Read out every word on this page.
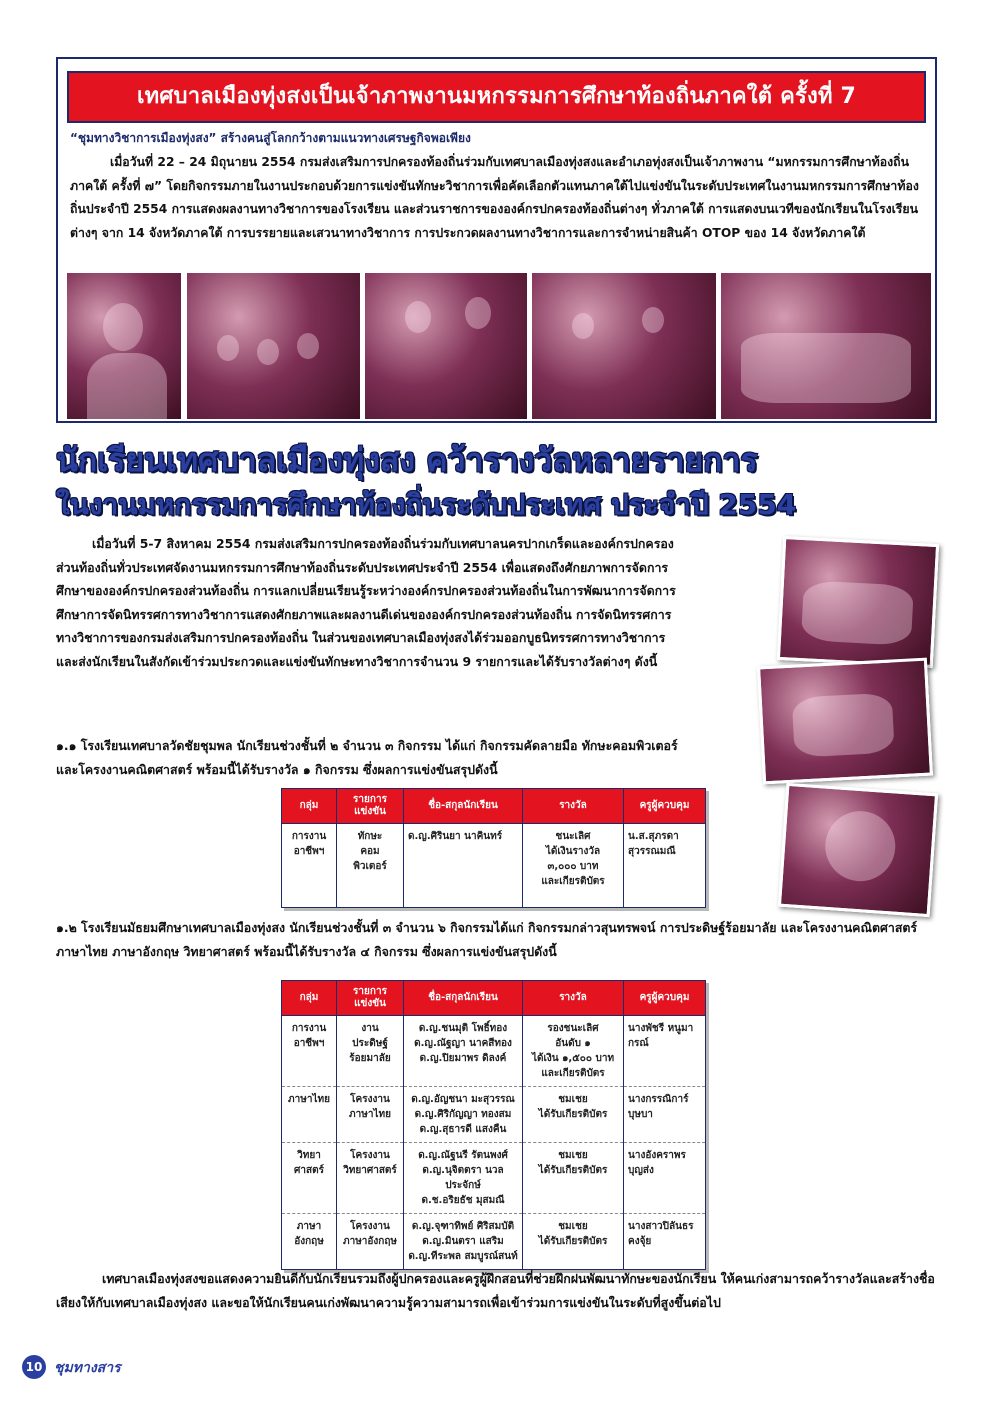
เทศบาลเมืองทุ่งสงเป็นเจ้าภาพงานมหกรรมการศึกษาท้องถิ่นภาคใต้ ครั้งที่ 7
“ชุมทางวิชาการเมืองทุ่งสง” สร้างคนสู่โลกกว้างตามแนวทางเศรษฐกิจพอเพียง
เมื่อวันที่ 22 – 24 มิถุนายน 2554 กรมส่งเสริมการปกครองท้องถิ่นร่วมกับเทศบาลเมืองทุ่งสงและอำเภอทุ่งสงเป็นเจ้าภาพงาน “มหกรรมการศึกษาท้องถิ่นภาคใต้ ครั้งที่ ๗” โดยกิจกรรมภายในงานประกอบด้วยการแข่งขันทักษะวิชาการเพื่อคัดเลือกตัวแทนภาคใต้ไปแข่งขันในระดับประเทศในงานมหกรรมการศึกษาท้องถิ่นประจำปี 2554 การแสดงผลงานทางวิชาการของโรงเรียน และส่วนราชการขององค์กรปกครองท้องถิ่นต่างๆ ทั่วภาคใต้ การแสดงบนเวทีของนักเรียนในโรงเรียนต่างๆ จาก 14 จังหวัดภาคใต้ การบรรยายและเสวนาทางวิชาการ การประกวดผลงานทางวิชาการและการจำหน่ายสินค้า OTOP ของ 14 จังหวัดภาคใต้
นักเรียนเทศบาลเมืองทุ่งสง คว้ารางวัลหลายรายการ
ในงานมหกรรมการศึกษาท้องถิ่นระดับประเทศ ประจำปี 2554
เมื่อวันที่ 5-7 สิงหาคม 2554 กรมส่งเสริมการปกครองท้องถิ่นร่วมกับเทศบาลนครปากเกร็ดและองค์กรปกครองส่วนท้องถิ่นทั่วประเทศจัดงานมหกรรมการศึกษาท้องถิ่นระดับประเทศประจำปี 2554 เพื่อแสดงถึงศักยภาพการจัดการศึกษาขององค์กรปกครองส่วนท้องถิ่น การแลกเปลี่ยนเรียนรู้ระหว่างองค์กรปกครองส่วนท้องถิ่นในการพัฒนาการจัดการศึกษาการจัดนิทรรศการทางวิชาการแสดงศักยภาพและผลงานดีเด่นขององค์กรปกครองส่วนท้องถิ่น การจัดนิทรรศการทางวิชาการของกรมส่งเสริมการปกครองท้องถิ่น ในส่วนของเทศบาลเมืองทุ่งสงได้ร่วมออกบูธนิทรรศการทางวิชาการและส่งนักเรียนในสังกัดเข้าร่วมประกวดและแข่งขันทักษะทางวิชาการจำนวน 9 รายการและได้รับรางวัลต่างๆ ดังนี้
๑.๑ โรงเรียนเทศบาลวัดชัยชุมพล นักเรียนช่วงชั้นที่ ๒ จำนวน ๓ กิจกรรม ได้แก่ กิจกรรมคัดลายมือ ทักษะคอมพิวเตอร์ และโครงงานคณิตศาสตร์ พร้อมนี้ได้รับรางวัล ๑ กิจกรรม ซึ่งผลการแข่งขันสรุปดังนี้
กลุ่ม	รายการแข่งขัน	ชื่อ-สกุลนักเรียน	รางวัล	ครูผู้ควบคุม
การงาน
อาชีพฯ	ทักษะ
คอม
พิวเตอร์	ด.ญ.ศิรินยา นาคินทร์	ชนะเลิศ
ได้เงินรางวัล
๓,๐๐๐ บาท
และเกียรติบัตร	น.ส.สุภรดา สุวรรณมณี
๑.๒ โรงเรียนมัธยมศึกษาเทศบาลเมืองทุ่งสง นักเรียนช่วงชั้นที่ ๓ จำนวน ๖ กิจกรรมได้แก่ กิจกรรมกล่าวสุนทรพจน์ การประดิษฐ์ร้อยมาลัย และโครงงานคณิตศาสตร์ ภาษาไทย ภาษาอังกฤษ วิทยาศาสตร์ พร้อมนี้ได้รับรางวัล ๔ กิจกรรม ซึ่งผลการแข่งขันสรุปดังนี้
กลุ่ม	รายการแข่งขัน	ชื่อ-สกุลนักเรียน	รางวัล	ครูผู้ควบคุม
การงาน
อาชีพฯ	งาน
ประดิษฐ์
ร้อยมาลัย	ด.ญ.ชนมุติ โพธิ์ทอง
ด.ญ.ณัฐญา นาคสีทอง
ด.ญ.ปิยมาพร ดิลงค์	รองชนะเลิศ
อันดับ ๑
ได้เงิน ๑,๕๐๐ บาท
และเกียรติบัตร	นางพัชรี หนูมากรณ์
ภาษาไทย	โครงงาน
ภาษาไทย	ด.ญ.อัญชนา มะสุวรรณ
ด.ญ.ศิริกัญญา ทองสม
ด.ญ.สุธารดี แสงคืน	ชมเชย
ได้รับเกียรติบัตร	นางกรรณิการ์ บุษบา
วิทยา
ศาสตร์	โครงงาน
วิทยาศาสตร์	ด.ญ.ณัฐนรี รัตนพงศ์
ด.ญ.นุจิตตรา นวลประจักษ์
ด.ช.อริยธัช มุสมณี	ชมเชย
ได้รับเกียรติบัตร	นางอังคราพร บุญส่ง
ภาษา
อังกฤษ	โครงงาน
ภาษาอังกฤษ	ด.ญ.จุฑาทิพย์ ศิริสมบัติ
ด.ญ.มินตรา แสริม
ด.ญ.ทีระพล สมบูรณ์สนท์	ชมเชย
ได้รับเกียรติบัตร	นางสาวปิลันธร คงจุ้ย
เทศบาลเมืองทุ่งสงขอแสดงความยินดีกับนักเรียนรวมถึงผู้ปกครองและครูผู้ฝึกสอนที่ช่วยฝึกฝนพัฒนาทักษะของนักเรียน ให้คนเก่งสามารถคว้ารางวัลและสร้างชื่อเสียงให้กับเทศบาลเมืองทุ่งสง และขอให้นักเรียนคนเก่งพัฒนาความรู้ความสามารถเพื่อเข้าร่วมการแข่งขันในระดับที่สูงขึ้นต่อไป
10 ชุมทางสาร
